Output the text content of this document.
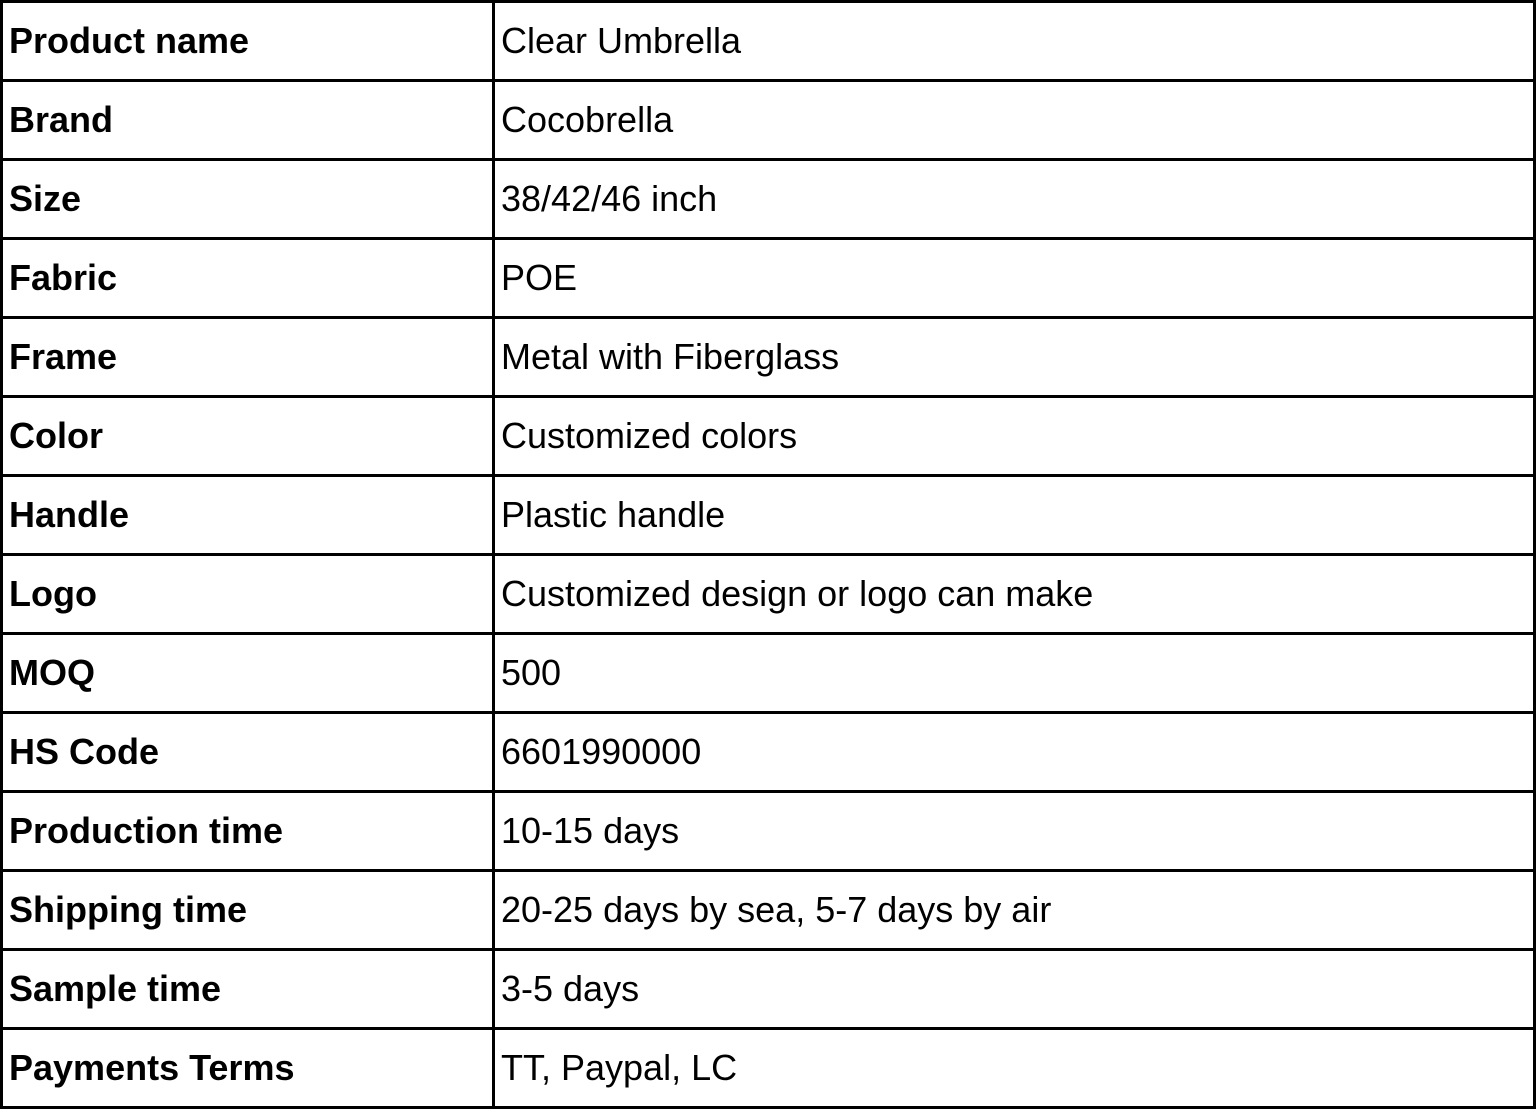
Product name	Clear Umbrella
Brand	Cocobrella
Size	38/42/46 inch
Fabric	POE
Frame	Metal with Fiberglass
Color	Customized colors
Handle	Plastic handle
Logo	Customized design or logo can make
MOQ	500
HS Code	6601990000
Production time	10-15 days
Shipping time	20-25 days by sea, 5-7 days by air
Sample time	3-5 days
Payments Terms	TT, Paypal, LC
